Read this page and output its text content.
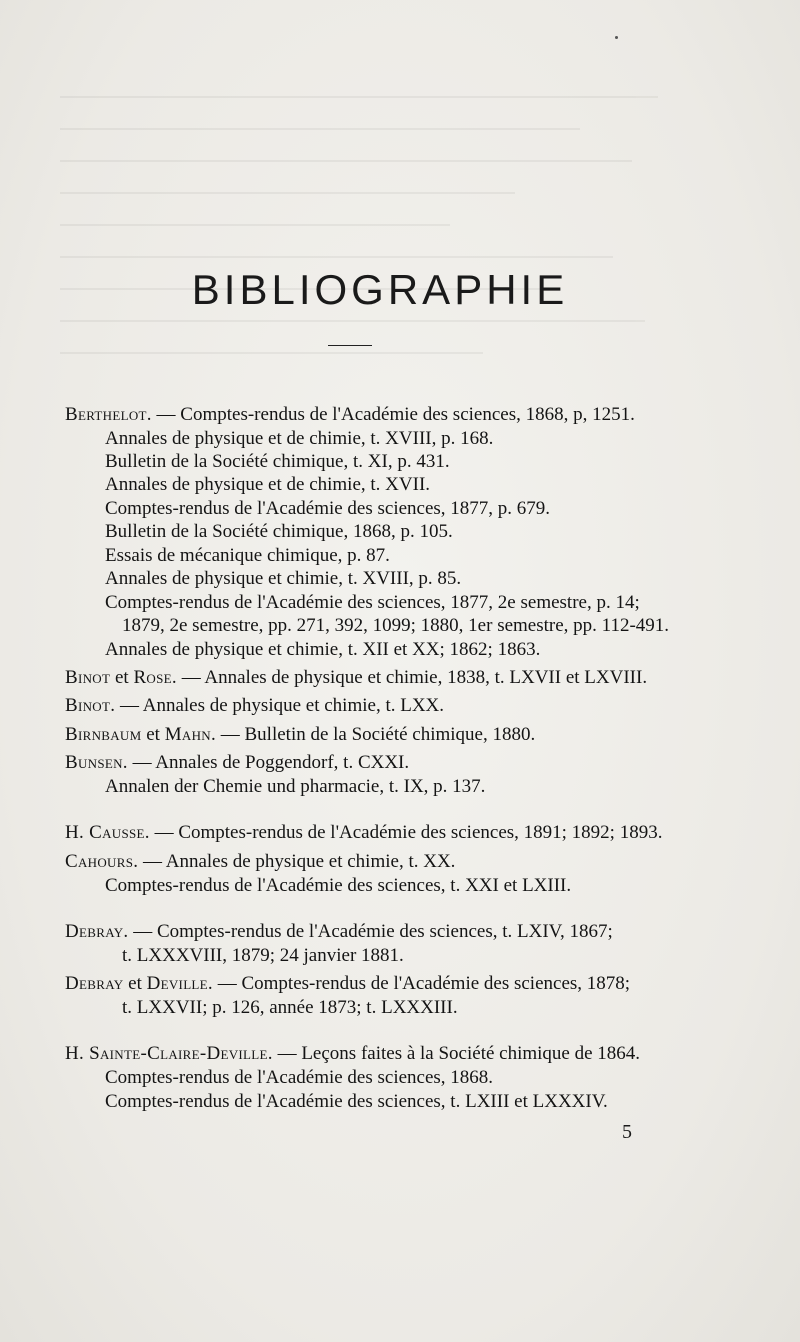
BIBLIOGRAPHIE
Berthelot. — Comptes-rendus de l'Académie des sciences, 1868, p, 1251.
Annales de physique et de chimie, t. XVIII, p. 168.
Bulletin de la Société chimique, t. XI, p. 431.
Annales de physique et de chimie, t. XVII.
Comptes-rendus de l'Académie des sciences, 1877, p. 679.
Bulletin de la Société chimique, 1868, p. 105.
Essais de mécanique chimique, p. 87.
Annales de physique et chimie, t. XVIII, p. 85.
Comptes-rendus de l'Académie des sciences, 1877, 2e semestre, p. 14;
1879, 2e semestre, pp. 271, 392, 1099; 1880, 1er semestre, pp. 112-491.
Annales de physique et chimie, t. XII et XX; 1862; 1863.
Binot et Rose. — Annales de physique et chimie, 1838, t. LXVII et LXVIII.
Binot. — Annales de physique et chimie, t. LXX.
Birnbaum et Mahn. — Bulletin de la Société chimique, 1880.
Bunsen. — Annales de Poggendorf, t. CXXI.
Annalen der Chemie und pharmacie, t. IX, p. 137.
H. Causse. — Comptes-rendus de l'Académie des sciences, 1891; 1892; 1893.
Cahours. — Annales de physique et chimie, t. XX.
Comptes-rendus de l'Académie des sciences, t. XXI et LXIII.
Debray. — Comptes-rendus de l'Académie des sciences, t. LXIV, 1867;
t. LXXXVIII, 1879; 24 janvier 1881.
Debray et Deville. — Comptes-rendus de l'Académie des sciences, 1878;
t. LXXVII; p. 126, année 1873; t. LXXXIII.
H. Sainte-Claire-Deville. — Leçons faites à la Société chimique de 1864.
Comptes-rendus de l'Académie des sciences, 1868.
Comptes-rendus de l'Académie des sciences, t. LXIII et LXXXIV.
5
